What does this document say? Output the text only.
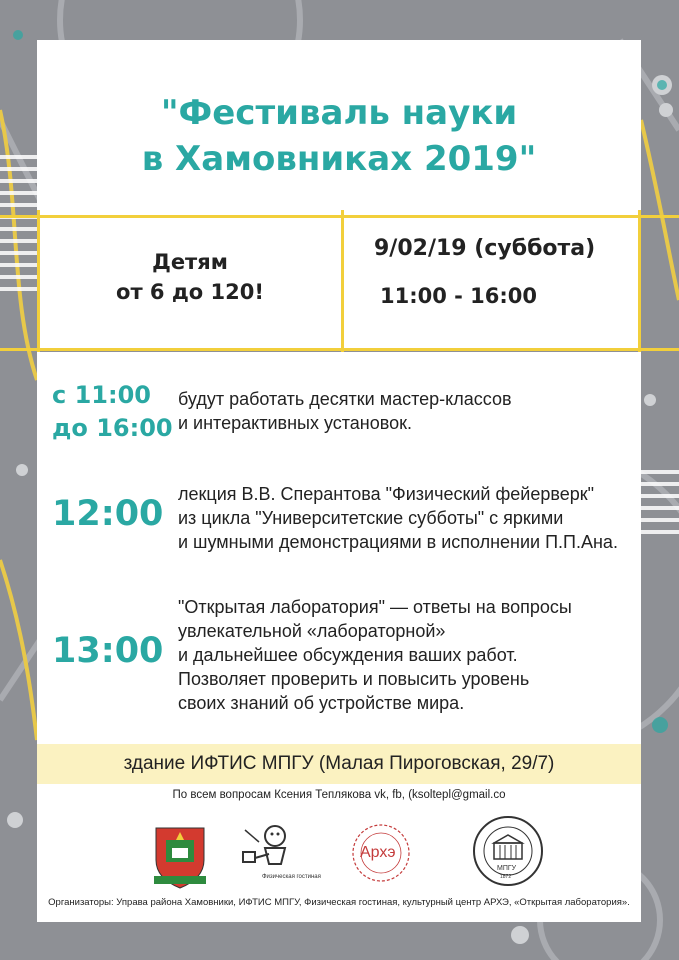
"Фестиваль науки
в Хамовниках 2019"
Детям
от 6 до 120!
9/02/19 (суббота)
11:00 - 16:00
с 11:00
до 16:00
будут работать десятки мастер-классов
и интерактивных установок.
12:00 лекция В.В. Сперантова "Физический фейерверк"
из цикла "Университетские субботы" с яркими
и шумными демонстрациями в исполнении П.П.Ана.
13:00
"Открытая лаборатория" — ответы на вопросы
увлекательной «лабораторной»
и дальнейшее обсуждения ваших работ.
Позволяет проверить и повысить уровень
своих знаний об устройстве мира.
здание ИФТИС МПГУ (Малая Пироговская, 29/7)
По всем вопросам Ксения Теплякова vk, fb, (ksoltepl@gmail.co
Физическая гостиная
Архэ
МПГУ
1872
Организаторы: Управа района Хамовники, ИФТИС МПГУ, Физическая гостиная, культурный центр АРХЭ, «Открытая лаборатория».
